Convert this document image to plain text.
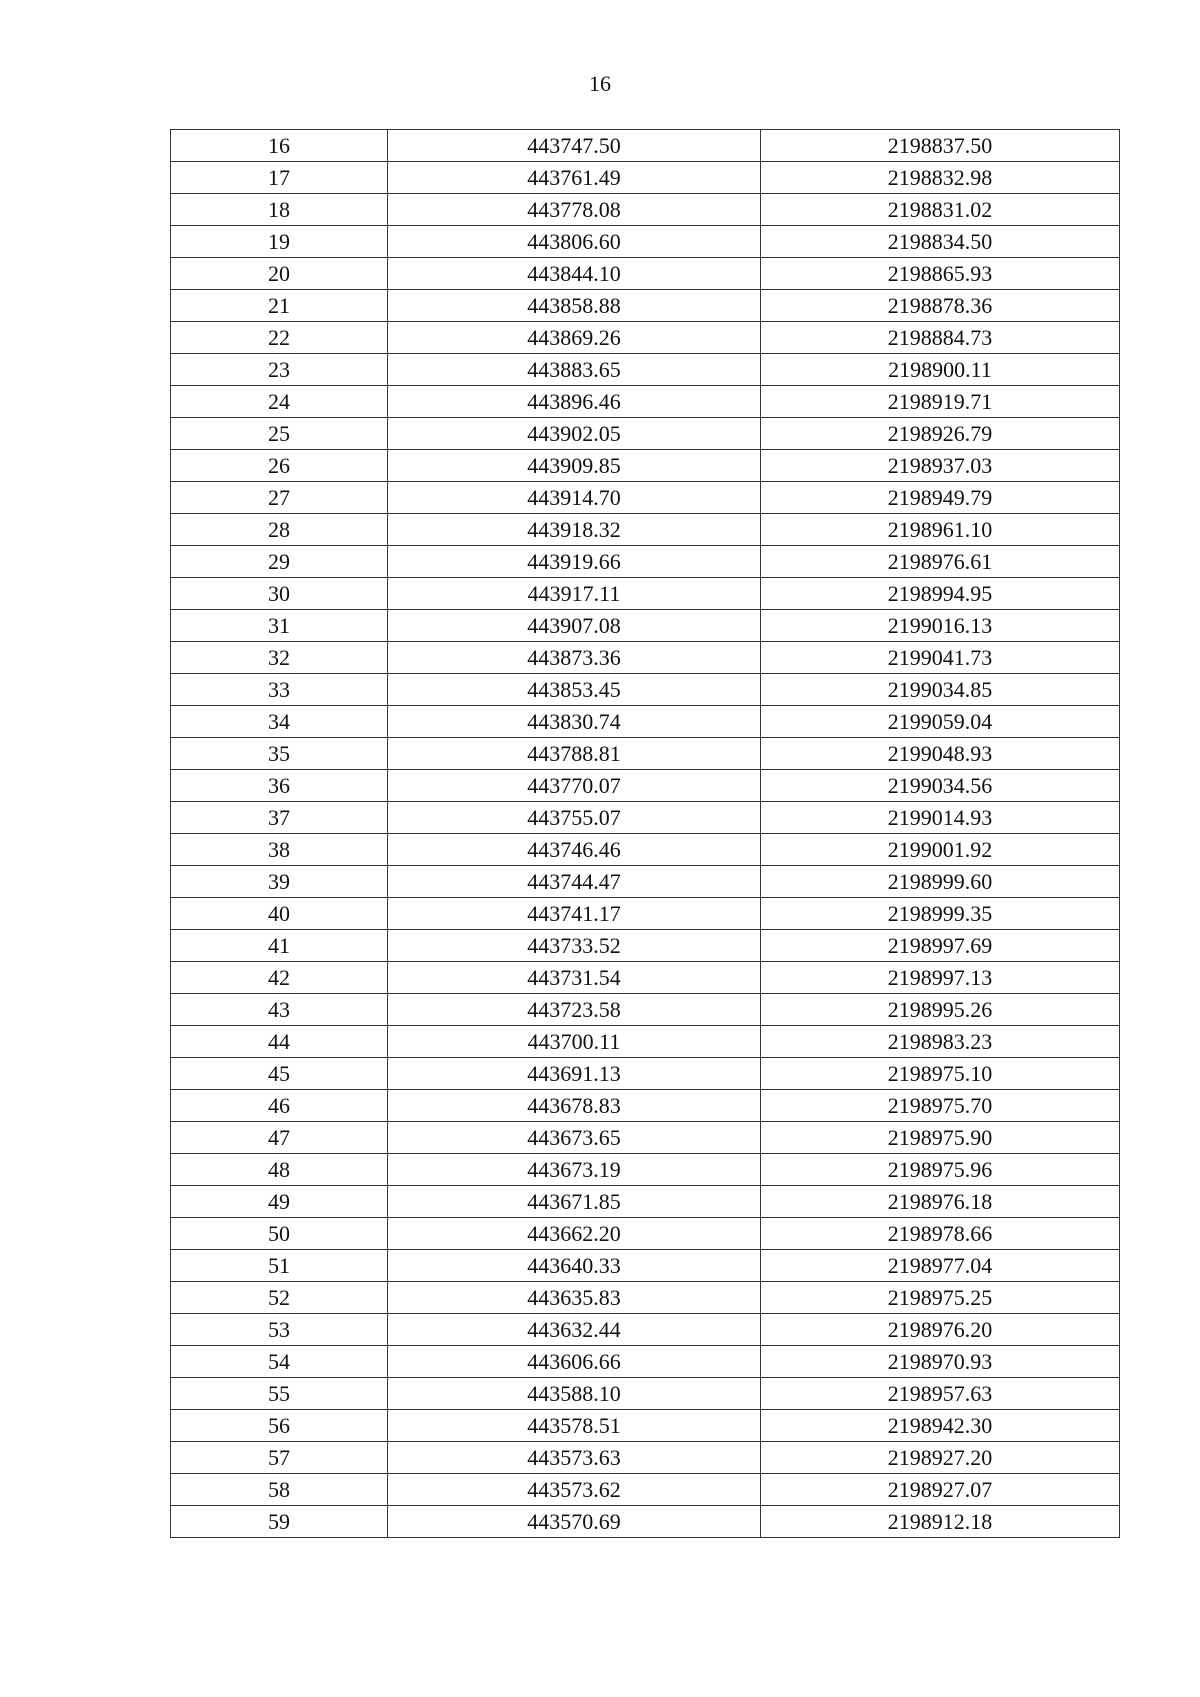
16
16	443747.50	2198837.50
17	443761.49	2198832.98
18	443778.08	2198831.02
19	443806.60	2198834.50
20	443844.10	2198865.93
21	443858.88	2198878.36
22	443869.26	2198884.73
23	443883.65	2198900.11
24	443896.46	2198919.71
25	443902.05	2198926.79
26	443909.85	2198937.03
27	443914.70	2198949.79
28	443918.32	2198961.10
29	443919.66	2198976.61
30	443917.11	2198994.95
31	443907.08	2199016.13
32	443873.36	2199041.73
33	443853.45	2199034.85
34	443830.74	2199059.04
35	443788.81	2199048.93
36	443770.07	2199034.56
37	443755.07	2199014.93
38	443746.46	2199001.92
39	443744.47	2198999.60
40	443741.17	2198999.35
41	443733.52	2198997.69
42	443731.54	2198997.13
43	443723.58	2198995.26
44	443700.11	2198983.23
45	443691.13	2198975.10
46	443678.83	2198975.70
47	443673.65	2198975.90
48	443673.19	2198975.96
49	443671.85	2198976.18
50	443662.20	2198978.66
51	443640.33	2198977.04
52	443635.83	2198975.25
53	443632.44	2198976.20
54	443606.66	2198970.93
55	443588.10	2198957.63
56	443578.51	2198942.30
57	443573.63	2198927.20
58	443573.62	2198927.07
59	443570.69	2198912.18
